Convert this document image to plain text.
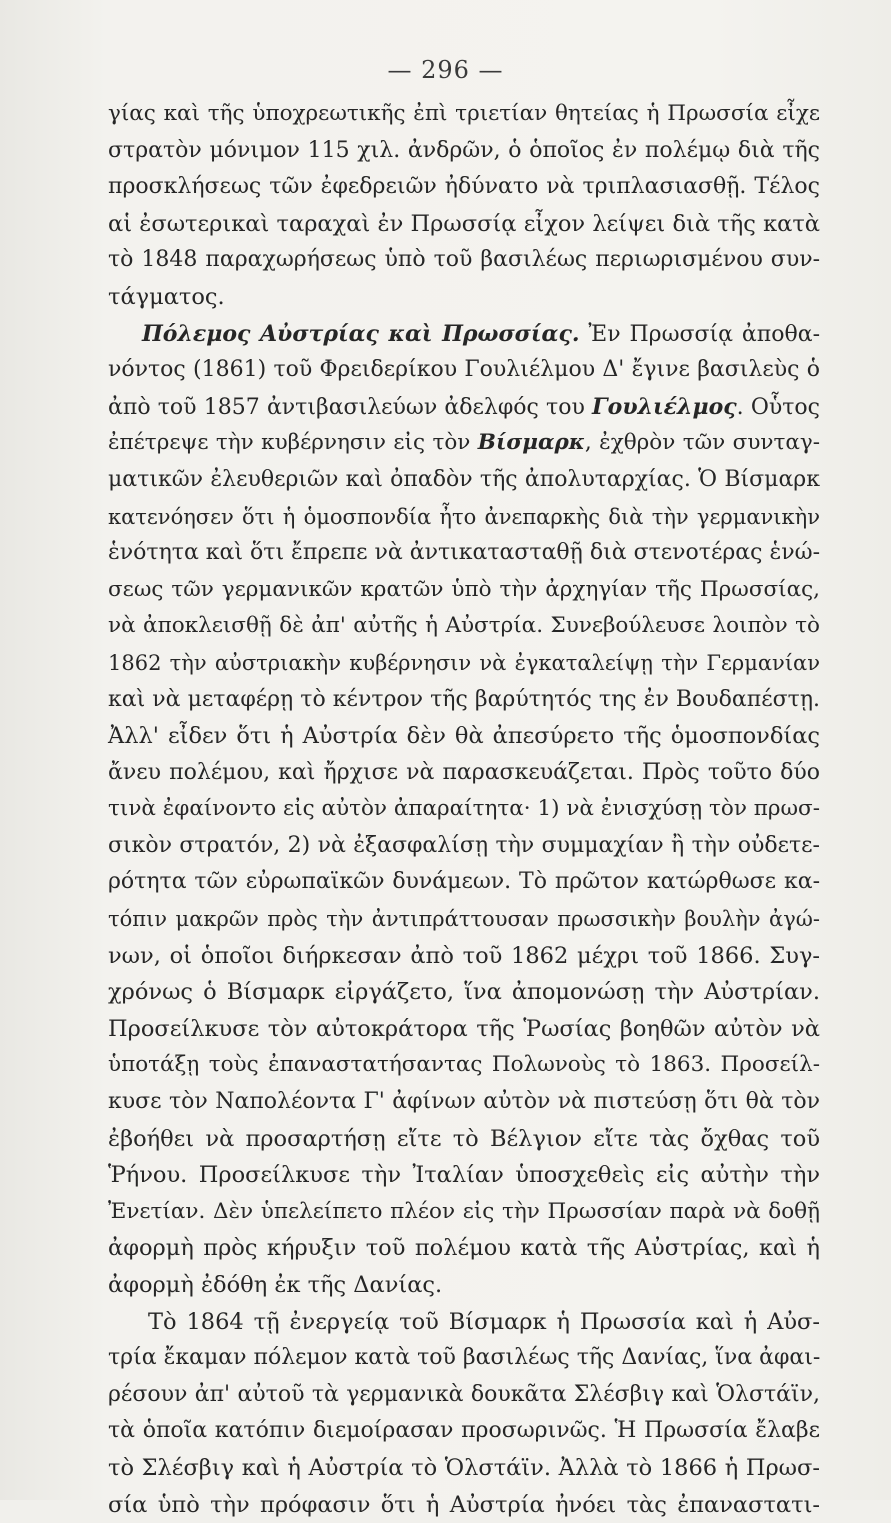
— 296 —
γίας καὶ τῆς ὑποχρεωτικῆς ἐπὶ τριετίαν θητείας ἡ Πρωσσία εἶχε
στρατὸν μόνιμον 115 χιλ. ἀνδρῶν, ὁ ὁποῖος ἐν πολέμῳ διὰ τῆς
προσκλήσεως τῶν ἐφεδρειῶν ἠδύνατο νὰ τριπλασιασθῇ. Τέλος
αἱ ἐσωτερικαὶ ταραχαὶ ἐν Πρωσσίᾳ εἶχον λείψει διὰ τῆς κατὰ
τὸ 1848 παραχωρήσεως ὑπὸ τοῦ βασιλέως περιωρισμένου συν-
τάγματος.
Πόλεμος Αὐστρίας καὶ Πρωσσίας. Ἐν Πρωσσίᾳ ἀποθα-
νόντος (1861) τοῦ Φρειδερίκου Γουλιέλμου Δ' ἔγινε βασιλεὺς ὁ
ἀπὸ τοῦ 1857 ἀντιβασιλεύων ἀδελφός του Γουλιέλμος. Οὗτος
ἐπέτρεψε τὴν κυβέρνησιν εἰς τὸν Βίσμαρκ, ἐχθρὸν τῶν συνταγ-
ματικῶν ἐλευθεριῶν καὶ ὀπαδὸν τῆς ἀπολυταρχίας. Ὁ Βίσμαρκ
κατενόησεν ὅτι ἡ ὁμοσπονδία ἦτο ἀνεπαρκὴς διὰ τὴν γερμανικὴν
ἑνότητα καὶ ὅτι ἔπρεπε νὰ ἀντικατασταθῇ διὰ στενοτέρας ἑνώ-
σεως τῶν γερμανικῶν κρατῶν ὑπὸ τὴν ἀρχηγίαν τῆς Πρωσσίας,
νὰ ἀποκλεισθῇ δὲ ἀπ' αὐτῆς ἡ Αὐστρία. Συνεβούλευσε λοιπὸν τὸ
1862 τὴν αὐστριακὴν κυβέρνησιν νὰ ἐγκαταλείψῃ τὴν Γερμανίαν
καὶ νὰ μεταφέρῃ τὸ κέντρον τῆς βαρύτητός της ἐν Βουδαπέστῃ.
Ἀλλ' εἶδεν ὅτι ἡ Αὐστρία δὲν θὰ ἀπεσύρετο τῆς ὁμοσπονδίας
ἄνευ πολέμου, καὶ ἤρχισε νὰ παρασκευάζεται. Πρὸς τοῦτο δύο
τινὰ ἐφαίνοντο εἰς αὐτὸν ἀπαραίτητα· 1) νὰ ἐνισχύσῃ τὸν πρωσ-
σικὸν στρατόν, 2) νὰ ἐξασφαλίσῃ τὴν συμμαχίαν ἢ τὴν οὐδετε-
ρότητα τῶν εὐρωπαϊκῶν δυνάμεων. Τὸ πρῶτον κατώρθωσε κα-
τόπιν μακρῶν πρὸς τὴν ἀντιπράττουσαν πρωσσικὴν βουλὴν ἀγώ-
νων, οἱ ὁποῖοι διήρκεσαν ἀπὸ τοῦ 1862 μέχρι τοῦ 1866. Συγ-
χρόνως ὁ Βίσμαρκ εἰργάζετο, ἵνα ἀπομονώσῃ τὴν Αὐστρίαν.
Προσείλκυσε τὸν αὐτοκράτορα τῆς Ῥωσίας βοηθῶν αὐτὸν νὰ
ὑποτάξῃ τοὺς ἐπαναστατήσαντας Πολωνοὺς τὸ 1863. Προσείλ-
κυσε τὸν Ναπολέοντα Γ' ἀφίνων αὐτὸν νὰ πιστεύσῃ ὅτι θὰ τὸν
ἐβοήθει νὰ προσαρτήσῃ εἴτε τὸ Βέλγιον εἴτε τὰς ὄχθας τοῦ
Ῥήνου. Προσείλκυσε τὴν Ἰταλίαν ὑποσχεθεὶς εἰς αὐτὴν τὴν
Ἐνετίαν. Δὲν ὑπελείπετο πλέον εἰς τὴν Πρωσσίαν παρὰ νὰ δοθῇ
ἀφορμὴ πρὸς κήρυξιν τοῦ πολέμου κατὰ τῆς Αὐστρίας, καὶ ἡ
ἀφορμὴ ἐδόθη ἐκ τῆς Δανίας.
Τὸ 1864 τῇ ἐνεργείᾳ τοῦ Βίσμαρκ ἡ Πρωσσία καὶ ἡ Αὐσ-
τρία ἔκαμαν πόλεμον κατὰ τοῦ βασιλέως τῆς Δανίας, ἵνα ἀφαι-
ρέσουν ἀπ' αὐτοῦ τὰ γερμανικὰ δουκᾶτα Σλέσβιγ καὶ Ὁλστάϊν,
τὰ ὁποῖα κατόπιν διεμοίρασαν προσωρινῶς. Ἡ Πρωσσία ἔλαβε
τὸ Σλέσβιγ καὶ ἡ Αὐστρία τὸ Ὁλστάϊν. Ἀλλὰ τὸ 1866 ἡ Πρωσ-
σία ὑπὸ τὴν πρόφασιν ὅτι ἡ Αὐστρία ἠνόει τὰς ἐπαναστατι-
